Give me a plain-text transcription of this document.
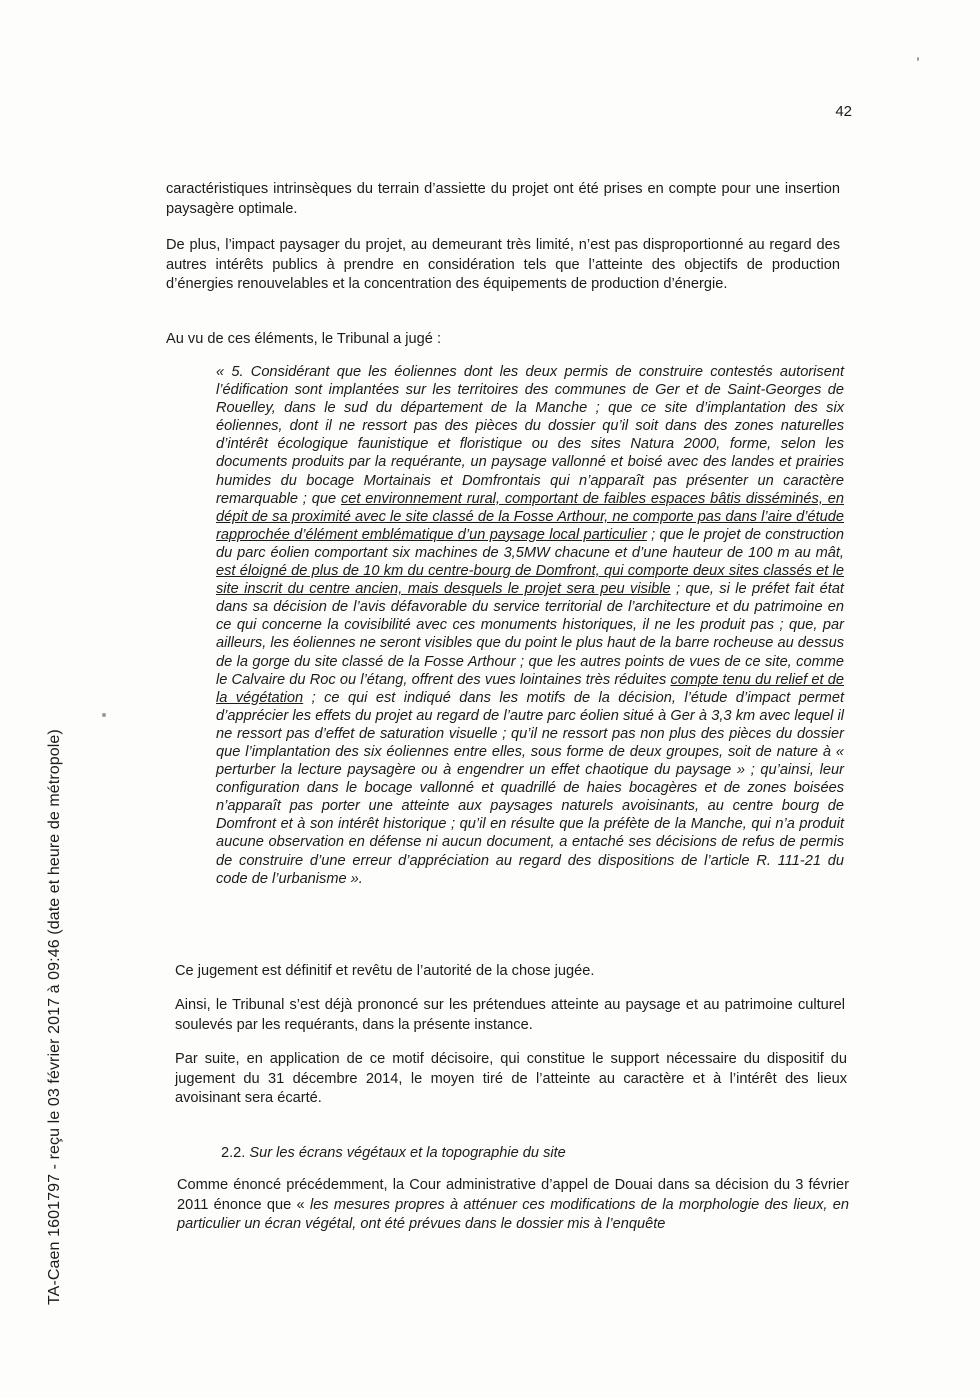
42
TA-Caen 1601797 - reçu le 03 février 2017 à 09:46 (date et heure de métropole)

caractéristiques intrinsèques du terrain d’assiette du projet ont été prises en compte pour une insertion paysagère optimale.

De plus, l’impact paysager du projet, au demeurant très limité, n’est pas disproportionné au regard des autres intérêts publics à prendre en considération tels que l’atteinte des objectifs de production d’énergies renouvelables et la concentration des équipements de production d’énergie.

Au vu de ces éléments, le Tribunal a jugé :

« 5. Considérant que les éoliennes dont les deux permis de construire contestés autorisent l’édification sont implantées sur les territoires des communes de Ger et de Saint-Georges de Rouelley, dans le sud du département de la Manche ; que ce site d’implantation des six éoliennes, dont il ne ressort pas des pièces du dossier qu’il soit dans des zones naturelles d’intérêt écologique faunistique et floristique ou des sites Natura 2000, forme, selon les documents produits par la requérante, un paysage vallonné et boisé avec des landes et prairies humides du bocage Mortainais et Domfrontais qui n’apparaît pas présenter un caractère remarquable ; que cet environnement rural, comportant de faibles espaces bâtis disséminés, en dépit de sa proximité avec le site classé de la Fosse Arthour, ne comporte pas dans l’aire d’étude rapprochée d’élément emblématique d’un paysage local particulier ; que le projet de construction du parc éolien comportant six machines de 3,5MW chacune et d’une hauteur de 100 m au mât, est éloigné de plus de 10 km du centre-bourg de Domfront, qui comporte deux sites classés et le site inscrit du centre ancien, mais desquels le projet sera peu visible ; que, si le préfet fait état dans sa décision de l’avis défavorable du service territorial de l’architecture et du patrimoine en ce qui concerne la covisibilité avec ces monuments historiques, il ne les produit pas ; que, par ailleurs, les éoliennes ne seront visibles que du point le plus haut de la barre rocheuse au dessus de la gorge du site classé de la Fosse Arthour ; que les autres points de vues de ce site, comme le Calvaire du Roc ou l’étang, offrent des vues lointaines très réduites compte tenu du relief et de la végétation ; ce qui est indiqué dans les motifs de la décision, l’étude d’impact permet d’apprécier les effets du projet au regard de l’autre parc éolien situé à Ger à 3,3 km avec lequel il ne ressort pas d’effet de saturation visuelle ; qu’il ne ressort pas non plus des pièces du dossier que l’implantation des six éoliennes entre elles, sous forme de deux groupes, soit de nature à « perturber la lecture paysagère ou à engendrer un effet chaotique du paysage » ; qu’ainsi, leur configuration dans le bocage vallonné et quadrillé de haies bocagères et de zones boisées n’apparaît pas porter une atteinte aux paysages naturels avoisinants, au centre bourg de Domfront et à son intérêt historique ; qu’il en résulte que la préfète de la Manche, qui n’a produit aucune observation en défense ni aucun document, a entaché ses décisions de refus de permis de construire d’une erreur d’appréciation au regard des dispositions de l’article R. 111-21 du code de l’urbanisme ».

Ce jugement est définitif et revêtu de l’autorité de la chose jugée.

Ainsi, le Tribunal s’est déjà prononcé sur les prétendues atteinte au paysage et au patrimoine culturel soulevés par les requérants, dans la présente instance.

Par suite, en application de ce motif décisoire, qui constitue le support nécessaire du dispositif du jugement du 31 décembre 2014, le moyen tiré de l’atteinte au caractère et à l’intérêt des lieux avoisinant sera écarté.

2.2. Sur les écrans végétaux et la topographie du site

Comme énoncé précédemment, la Cour administrative d’appel de Douai dans sa décision du 3 février 2011 énonce que « les mesures propres à atténuer ces modifications de la morphologie des lieux, en particulier un écran végétal, ont été prévues dans le dossier mis à l’enquête
